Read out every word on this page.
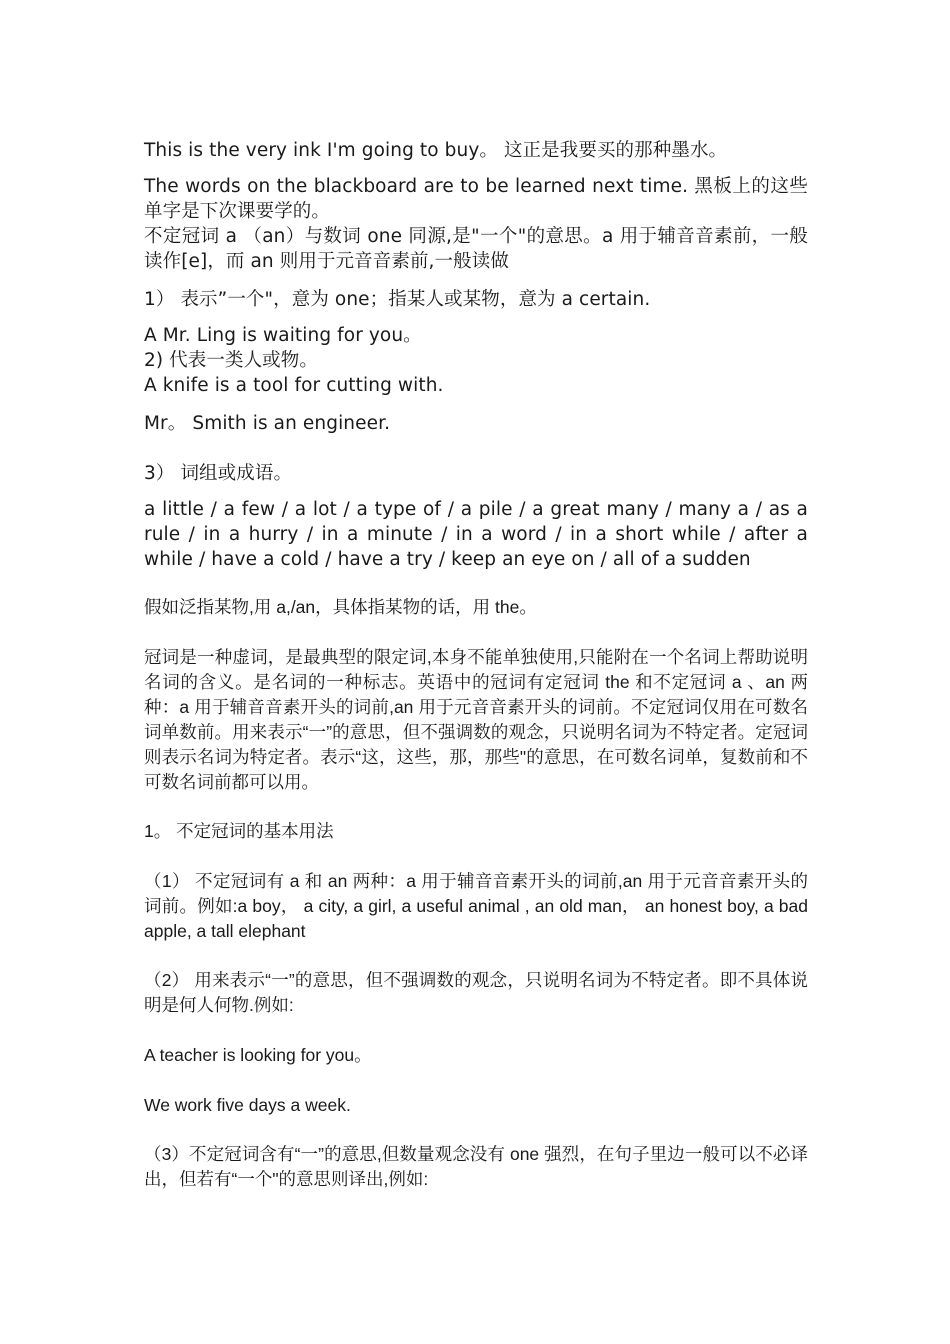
This is the very ink I'm going to buy。 这正是我要买的那种墨水。

The words on the blackboard are to be learned next time. 黑板上的这些单字是下次课要学的。
不定冠词 a （an）与数词 one 同源,是"一个"的意思。a 用于辅音音素前，一般读作[e]，而 an 则用于元音音素前,一般读做

1） 表示”一个"，意为 one；指某人或某物，意为 a certain.

A Mr. Ling is waiting for you。
2) 代表一类人或物。
A knife is a tool for cutting with.

Mr。 Smith is an engineer.

3） 词组或成语。

a little / a few / a lot / a type of / a pile / a great many / many a / as a rule / in a hurry / in a minute / in a word / in a short while / after a while / have a cold / have a try / keep an eye on / all of a sudden

假如泛指某物,用 a,/an，具体指某物的话，用 the。

冠词是一种虚词，是最典型的限定词,本身不能单独使用,只能附在一个名词上帮助说明名词的含义。是名词的一种标志。英语中的冠词有定冠词 the 和不定冠词 a 、an 两种：a 用于辅音音素开头的词前,an 用于元音音素开头的词前。不定冠词仅用在可数名词单数前。用来表示“一”的意思，但不强调数的观念，只说明名词为不特定者。定冠词则表示名词为特定者。表示“这，这些，那，那些"的意思，在可数名词单，复数前和不可数名词前都可以用。

1。 不定冠词的基本用法

（1） 不定冠词有 a 和 an 两种：a 用于辅音音素开头的词前,an 用于元音音素开头的词前。例如:a boy， a city, a girl, a useful animal , an old man， an honest boy, a bad apple, a tall elephant

（2） 用来表示“一”的意思，但不强调数的观念，只说明名词为不特定者。即不具体说明是何人何物.例如:

A teacher is looking for you。

We work five days a week.

（3）不定冠词含有“一”的意思,但数量观念没有 one 强烈，在句子里边一般可以不必译出，但若有“一个"的意思则译出,例如:
